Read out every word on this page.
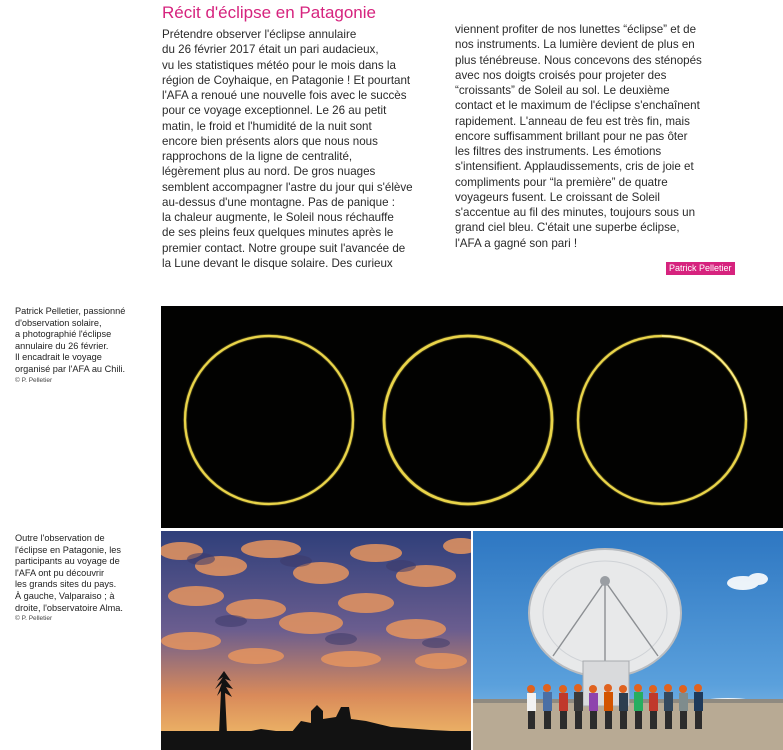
Récit d'éclipse en Patagonie
Prétendre observer l'éclipse annulaire
du 26 février 2017 était un pari audacieux,
vu les statistiques météo pour le mois dans la
région de Coyhaique, en Patagonie ! Et pourtant
l'AFA a renoué une nouvelle fois avec le succès
pour ce voyage exceptionnel. Le 26 au petit
matin, le froid et l'humidité de la nuit sont
encore bien présents alors que nous nous
rapprochons de la ligne de centralité,
légèrement plus au nord. De gros nuages
semblent accompagner l'astre du jour qui s'élève
au-dessus d'une montagne. Pas de panique :
la chaleur augmente, le Soleil nous réchauffe
de ses pleins feux quelques minutes après le
premier contact. Notre groupe suit l'avancée de
la Lune devant le disque solaire. Des curieux
viennent profiter de nos lunettes “éclipse” et de
nos instruments. La lumière devient de plus en
plus ténébreuse. Nous concevons des sténopés
avec nos doigts croisés pour projeter des
“croissants” de Soleil au sol. Le deuxième
contact et le maximum de l'éclipse s'enchaînent
rapidement. L'anneau de feu est très fin, mais
encore suffisamment brillant pour ne pas ôter
les filtres des instruments. Les émotions
s'intensifient. Applaudissements, cris de joie et
compliments pour “la première” de quatre
voyageurs fusent. Le croissant de Soleil
s'accentue au fil des minutes, toujours sous un
grand ciel bleu. C'était une superbe éclipse,
l'AFA a gagné son pari !
Patrick Pelletier
Patrick Pelletier, passionné
d'observation solaire,
a photographié l'éclipse
annulaire du 26 février.
Il encadrait le voyage
organisé par l'AFA au Chili.
© P. Pelletier
Outre l'observation de
l'éclipse en Patagonie, les
participants au voyage de
l'AFA ont pu découvrir
les grands sites du pays.
À gauche, Valparaiso ; à
droite, l'observatoire Alma.
© P. Pelletier
